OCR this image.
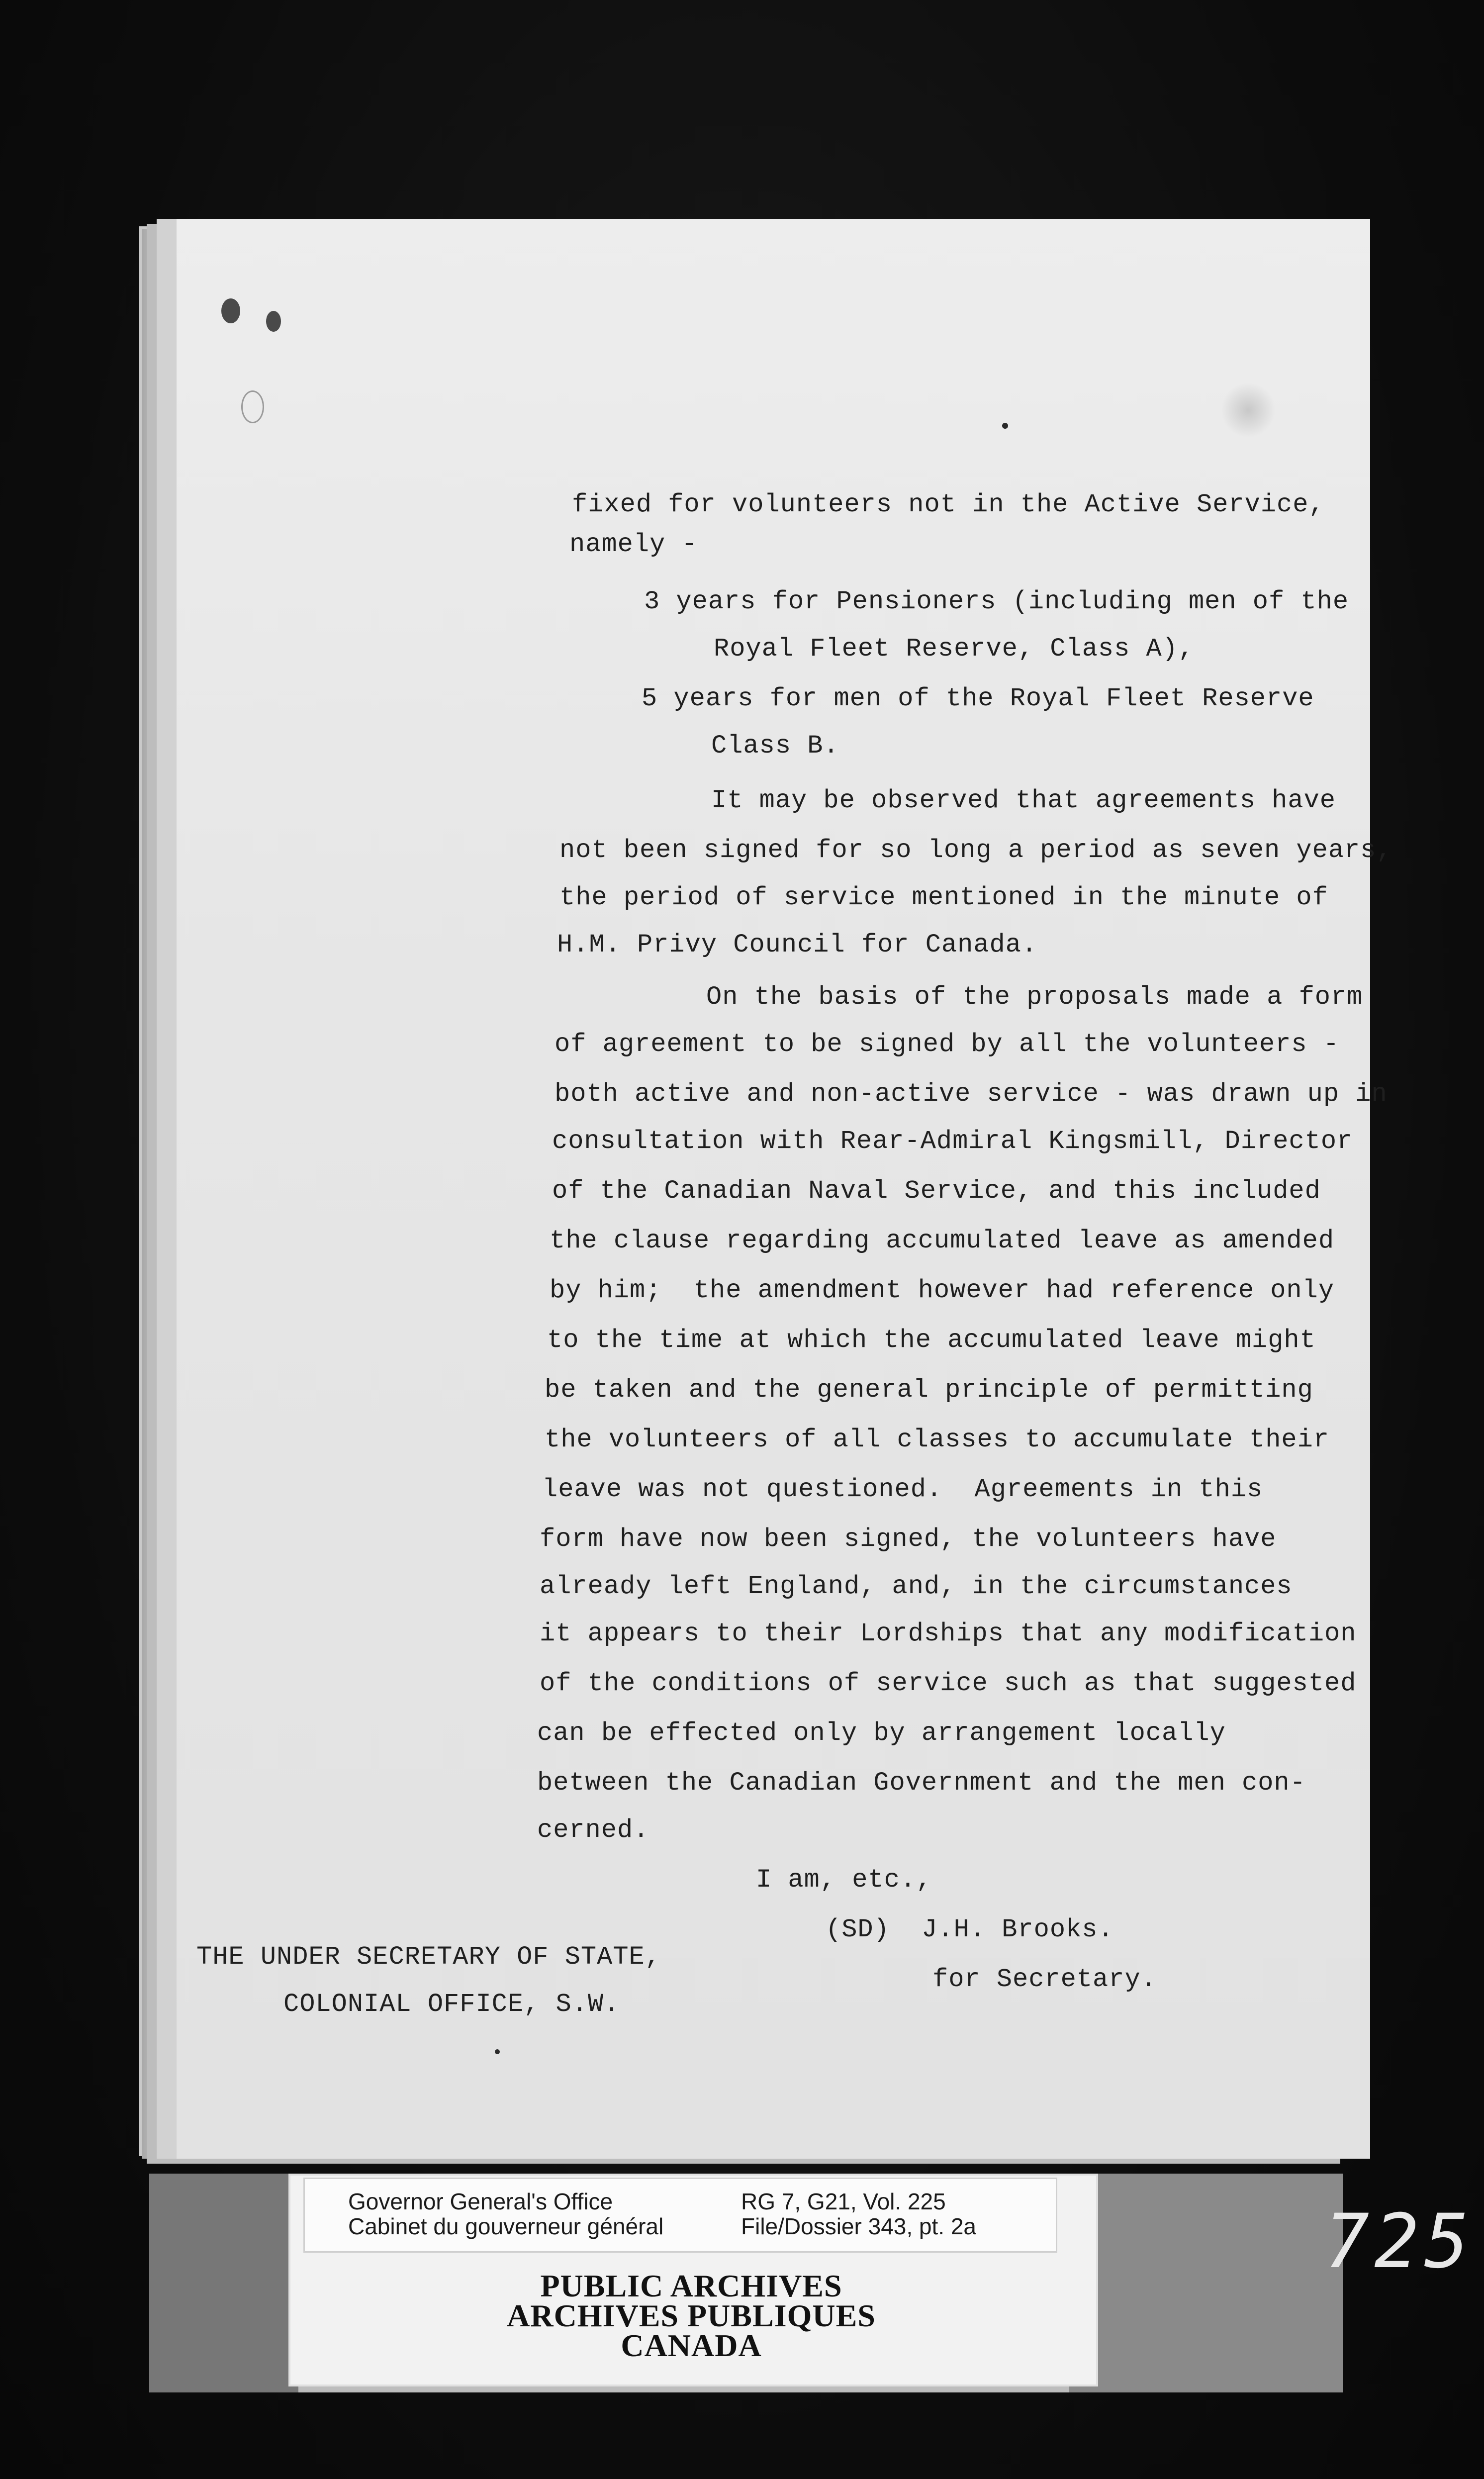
fixed for volunteers not in the Active Service,
namely -
3 years for Pensioners (including men of the
Royal Fleet Reserve, Class A),
5 years for men of the Royal Fleet Reserve
Class B.
It may be observed that agreements have
not been signed for so long a period as seven years,
the period of service mentioned in the minute of
H.M. Privy Council for Canada.
On the basis of the proposals made a form
of agreement to be signed by all the volunteers -
both active and non-active service - was drawn up in
consultation with Rear-Admiral Kingsmill, Director
of the Canadian Naval Service, and this included
the clause regarding accumulated leave as amended
by him;  the amendment however had reference only
to the time at which the accumulated leave might
be taken and the general principle of permitting
the volunteers of all classes to accumulate their
leave was not questioned.  Agreements in this
form have now been signed, the volunteers have
already left England, and, in the circumstances
it appears to their Lordships that any modification
of the conditions of service such as that suggested
can be effected only by arrangement locally
between the Canadian Government and the men con-
cerned.
I am, etc.,
(SD)  J.H. Brooks.
for Secretary.
THE UNDER SECRETARY OF STATE,
COLONIAL OFFICE, S.W.
Governor General's Office
Cabinet du gouverneur général
RG 7, G21, Vol. 225
File/Dossier 343, pt. 2a
PUBLIC ARCHIVES
ARCHIVES PUBLIQUES
CANADA
725
